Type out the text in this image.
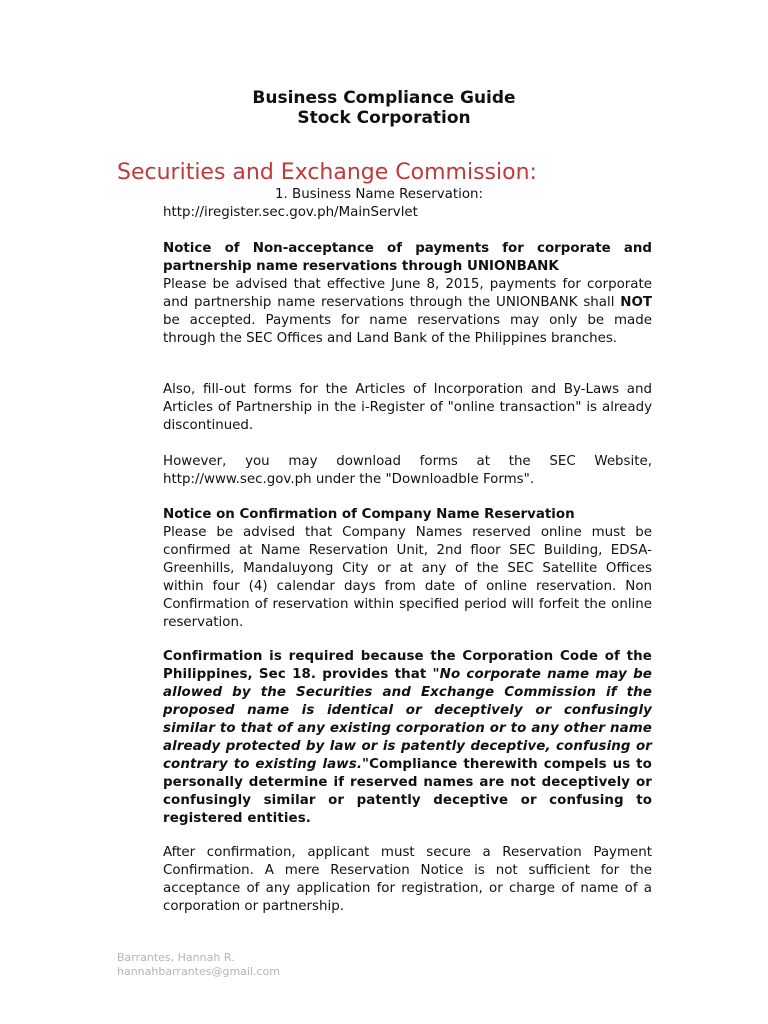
Business Compliance Guide
Stock Corporation
Securities and Exchange Commission:
1. Business Name Reservation:
http://iregister.sec.gov.ph/MainServlet
Notice of Non-acceptance of payments for corporate and partnership name reservations through UNIONBANK
Please be advised that effective June 8, 2015, payments for corporate and partnership name reservations through the UNIONBANK shall NOT be accepted. Payments for name reservations may only be made through the SEC Offices and Land Bank of the Philippines branches.
Also, fill-out forms for the Articles of Incorporation and By-Laws and Articles of Partnership in the i-Register of "online transaction" is already discontinued.
However, you may download forms at the SEC Website, http://www.sec.gov.ph under the "Downloadble Forms".
Notice on Confirmation of Company Name Reservation
Please be advised that Company Names reserved online must be confirmed at Name Reservation Unit, 2nd floor SEC Building, EDSA-Greenhills, Mandaluyong City or at any of the SEC Satellite Offices within four (4) calendar days from date of online reservation. Non Confirmation of reservation within specified period will forfeit the online reservation.
Confirmation is required because the Corporation Code of the Philippines, Sec 18. provides that "No corporate name may be allowed by the Securities and Exchange Commission if the proposed name is identical or deceptively or confusingly similar to that of any existing corporation or to any other name already protected by law or is patently deceptive, confusing or contrary to existing laws."Compliance therewith compels us to personally determine if reserved names are not deceptively or confusingly similar or patently deceptive or confusing to registered entities.
After confirmation, applicant must secure a Reservation Payment Confirmation. A mere Reservation Notice is not sufficient for the acceptance of any application for registration, or charge of name of a corporation or partnership.
Barrantes, Hannah R.
hannahbarrantes@gmail.com
